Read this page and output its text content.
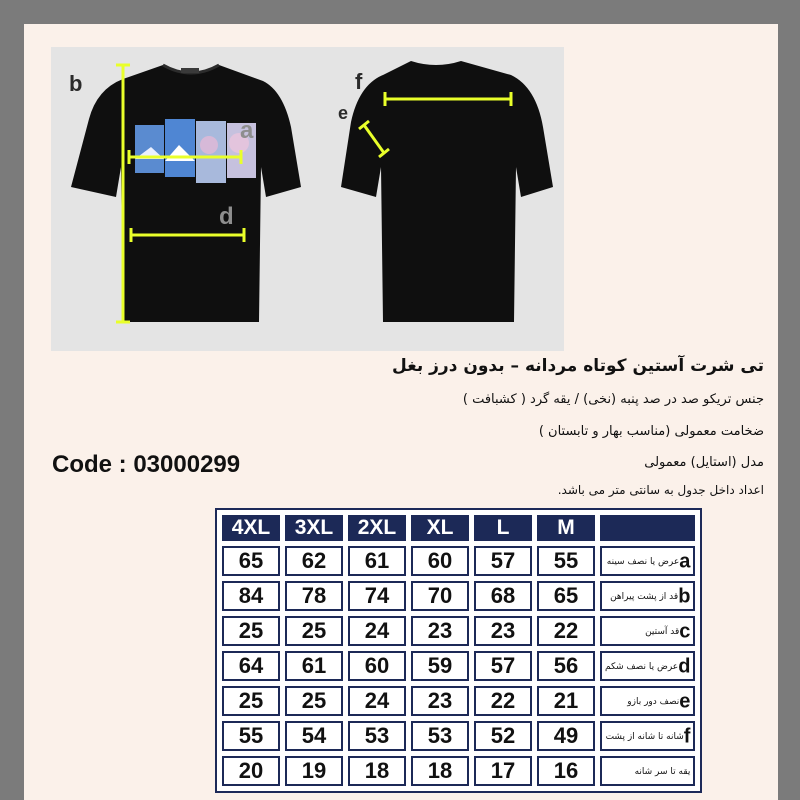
b
a
d
f
e
تی شرت آستین کوتاه مردانه – بدون درز بغل
جنس تریکو صد در صد پنبه (نخی) / یقه گرد ( کشبافت )
ضخامت معمولی (مناسب بهار و تابستان )
مدل (استایل) معمولی
اعداد داخل جدول به سانتی متر می باشد.
Code : 03000299
4XL	3XL	2XL	XL	L	M	
65	62	61	60	57	55	aعرض یا نصف سینه
84	78	74	70	68	65	bقد از پشت پیراهن
25	25	24	23	23	22	cقد آستین
64	61	60	59	57	56	dعرض یا نصف شکم
25	25	24	23	22	21	eنصف دور بازو
55	54	53	53	52	49	fشانه تا شانه از پشت
20	19	18	18	17	16	یقه تا سر شانه
